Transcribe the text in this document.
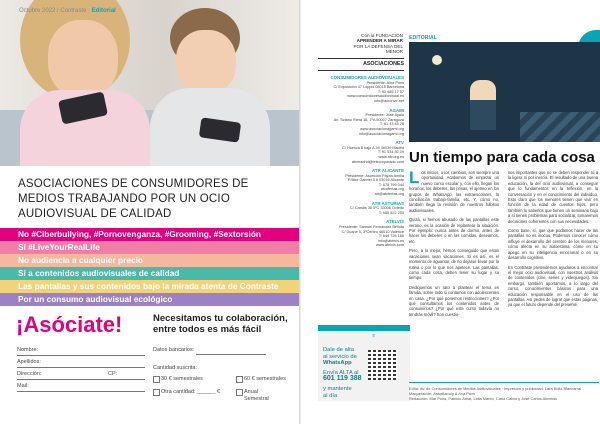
ASOCIACIONES DE CONSUMIDORES DE MEDIOS TRABAJANDO POR UN OCIO AUDIOVISUAL DE CALIDAD
No #Ciberbullying, #Pornovenganza, #Grooming, #Sextorsión
Sí #LiveYourRealLife
No audiencia a cualquier precio
Sí a contenidos audiovisuales de calidad
Las pantallas y sus contenidos bajo la mirada atenta de Contraste
Por un consumo audiovisual ecológico
¡Asóciate!	Necesitamos tu colaboración, entre todos es más fácil
Nombre:
Apellidos:
Dirección:	CP:
Mail:
Datos bancarios:
Cantidad suscrita:
30 € semestrales	60 € semestrales
Otra cantidad: ______ €	Anual
Semestral
Octubre 2022 / Contraste · Editorial
Con la FUNDACIÓN
APRENDER A MIRAR
POR LA DEFENSA DEL MENOR
ASOCIACIONES
CONSUMIDORES AUDIOVISUALES
Presidente: Aina Pons
C/ Exposición 47 Loppis 08015 Barcelona
T: 93 485 17 57
www.consumidoresaudiovisual.es
info@acrorive.net
AGAMI
Presidente: José Ayala
Av. Tiziano Riera 18, 1ºA 50007 Zaragoza
T: 61 43 45 28
www.asociacionagami.org
info@asociacionagami.org
ATV
C/ Huesca 8 bajo A 39 46039 Madrid
T: 91 534 80 09
www.atv.org.es
atvmadrid@telecorporado.com
ATR ALICANTE
Presidente: Asunción Payan Amilia
P/Abd Gabriel 5 A 03016 Alicante
T: 675 799 044
atvofertas.org
atr@atvfertas.org
ATR ASTURIAS
C/ Candis 38 5ºC 33006 Oviedo
T: 985 522 253
ATELVIS
Presidente: Samuel Fernández Bellota
C/ Duane 5, 3ºCentro 46010 Valence
T: 646 726 186
info@atelvis.es
www.atelvis.com
✆
Dale de alta
al servicio de
WhatsApp
Envía ALTA al
601 119 388
y mantente
al día
EDITORIAL
Un tiempo para cada cosa

Los inicios, o los cambios, son siempre una oportunidad. Acabamos de empezar un nuevo curso escolar y, con ello, llegan los horarios, los deberes, las prisas, el ajetreo en los grupos de WhatsApp, las extraescolares, la conciliación trabajo-familia, etc. Y, cómo no, también llega la revisión de nuestros hábitos audiovisuales.

Quizá, si hemos abusado de las pantallas este verano, es la ocasión de replantear la situación. Por ejemplo: nunca antes de dormir, antes de hacer los deberes o en las comidas, deseamos, etc.

Pero, a lo mejor, hemos conseguido que estas vacaciones sean vacaciones. Si es así, es el momento de aguantar, de no dejarse llevar por la rutina o por lo que nos apetece. Las pantallas, como cada cosa, deben tener su lugar y su tiempo.

Dediquemos un rato a plantear el tema en familia, sobre todo si contamos con adolescentes en casa. ¿Por qué ponemos restricciones? ¿Por qué consultamos los contenidos antes de consumirlos? ¿Por qué este curso todavía no tendrás móvil? Son cuestio-

nes importantes que no se deben responder tú a la ligera ni por inercia. El resultado de una buena educación, la del ocio audiovisual, a conseguir que lo fundamentos en la reflexión, en la conversación y en el conocimiento del individuo. Esto claro que los menores tienen que vivir en función de la edad de cuentos hijos, pero también lo saberlos que tienen un seminario bajo a sí tienen problemas para socializar, tomaremos decisiones coherentes con sus necesidades.

Como base, sí, que que podamos hacer de las pantallas no es inocuo. Podemos conocer cómo influye el desarrollo del cerebro de los menores, cómo afecta en su autoestima, cómo en su apego en su inteligencia emocional o en su desarrollo cognitivo.

En Contraste pretendemos ayudaros a encontrar el mejor ocio audiovisual, con nuestros análisis de contenidos (cine, series y videojuegos). Sin embargo, también aportamos, a lo largo del curso, conocimientos básicos para una educación responsable en el uso de las pantallas. Así pedes de lograr que estas páginas, ya que el futuro depende del presente.

Edita: Av. de Consumidores de Medios Audiovisuales · Impresión y publicidad: Lara Bolla Blancarral
Maquetación: Asturflamoy & Ana Pons
Redacción: Mar Pons, Patricio Amat, Lidia Martín, Carla Calvin y José Carlos Almeida
